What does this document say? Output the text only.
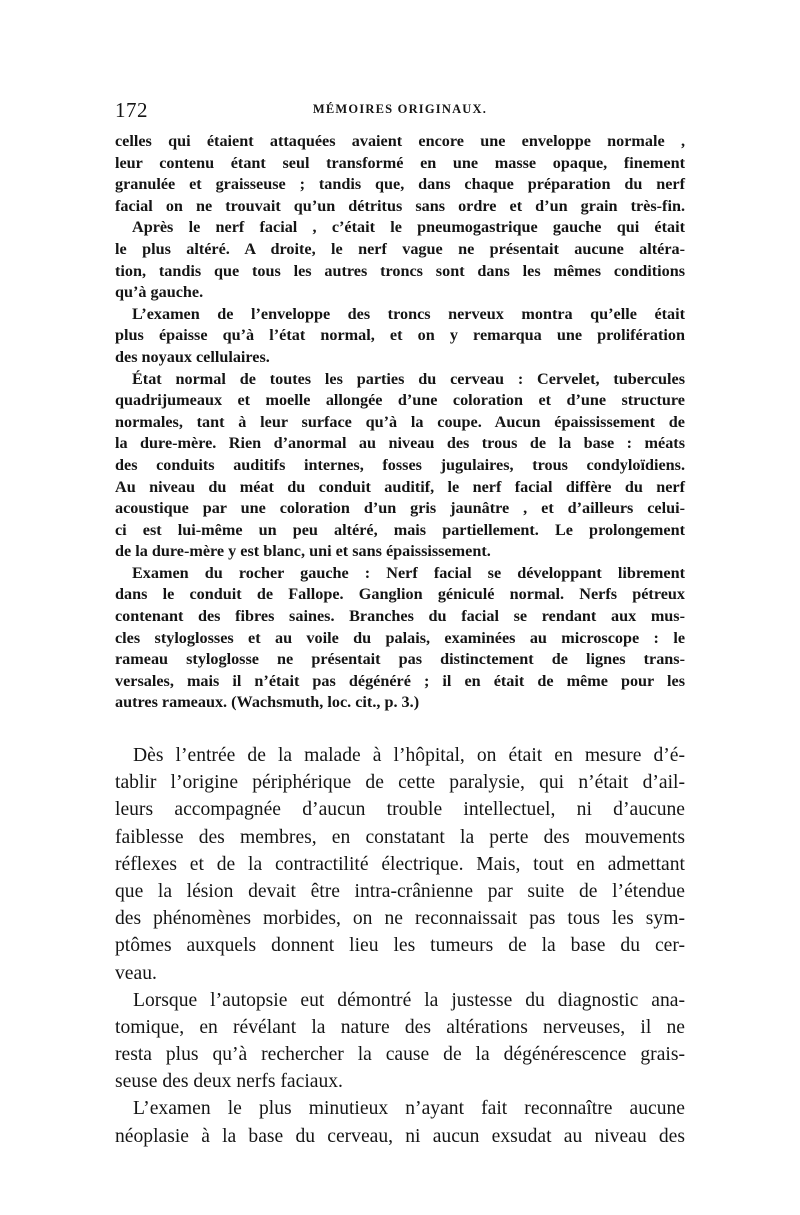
172	MÉMOIRES ORIGINAUX.
celles qui étaient attaquées avaient encore une enveloppe normale ,
leur contenu étant seul transformé en une masse opaque, finement
granulée et graisseuse ; tandis que, dans chaque préparation du nerf
facial on ne trouvait qu’un détritus sans ordre et d’un grain très-fin.
Après le nerf facial , c’était le pneumogastrique gauche qui était
le plus altéré. A droite, le nerf vague ne présentait aucune altéra-
tion, tandis que tous les autres troncs sont dans les mêmes conditions
qu’à gauche.
L’examen de l’enveloppe des troncs nerveux montra qu’elle était
plus épaisse qu’à l’état normal, et on y remarqua une prolifération
des noyaux cellulaires.
État normal de toutes les parties du cerveau : Cervelet, tubercules
quadrijumeaux et moelle allongée d’une coloration et d’une structure
normales, tant à leur surface qu’à la coupe. Aucun épaississement de
la dure-mère. Rien d’anormal au niveau des trous de la base : méats
des conduits auditifs internes, fosses jugulaires, trous condyloïdiens.
Au niveau du méat du conduit auditif, le nerf facial diffère du nerf
acoustique par une coloration d’un gris jaunâtre , et d’ailleurs celui-
ci est lui-même un peu altéré, mais partiellement. Le prolongement
de la dure-mère y est blanc, uni et sans épaississement.
Examen du rocher gauche : Nerf facial se développant librement
dans le conduit de Fallope. Ganglion géniculé normal. Nerfs pétreux
contenant des fibres saines. Branches du facial se rendant aux mus-
cles styloglosses et au voile du palais, examinées au microscope : le
rameau styloglosse ne présentait pas distinctement de lignes trans-
versales, mais il n’était pas dégénéré ; il en était de même pour les
autres rameaux. (Wachsmuth, loc. cit., p. 3.)
Dès l’entrée de la malade à l’hôpital, on était en mesure d’é-
tablir l’origine périphérique de cette paralysie, qui n’était d’ail-
leurs accompagnée d’aucun trouble intellectuel, ni d’aucune
faiblesse des membres, en constatant la perte des mouvements
réflexes et de la contractilité électrique. Mais, tout en admettant
que la lésion devait être intra-crânienne par suite de l’étendue
des phénomènes morbides, on ne reconnaissait pas tous les sym-
ptômes auxquels donnent lieu les tumeurs de la base du cer-
veau.
Lorsque l’autopsie eut démontré la justesse du diagnostic ana-
tomique, en révélant la nature des altérations nerveuses, il ne
resta plus qu’à rechercher la cause de la dégénérescence grais-
seuse des deux nerfs faciaux.
L’examen le plus minutieux n’ayant fait reconnaître aucune
néoplasie à la base du cerveau, ni aucun exsudat au niveau des
